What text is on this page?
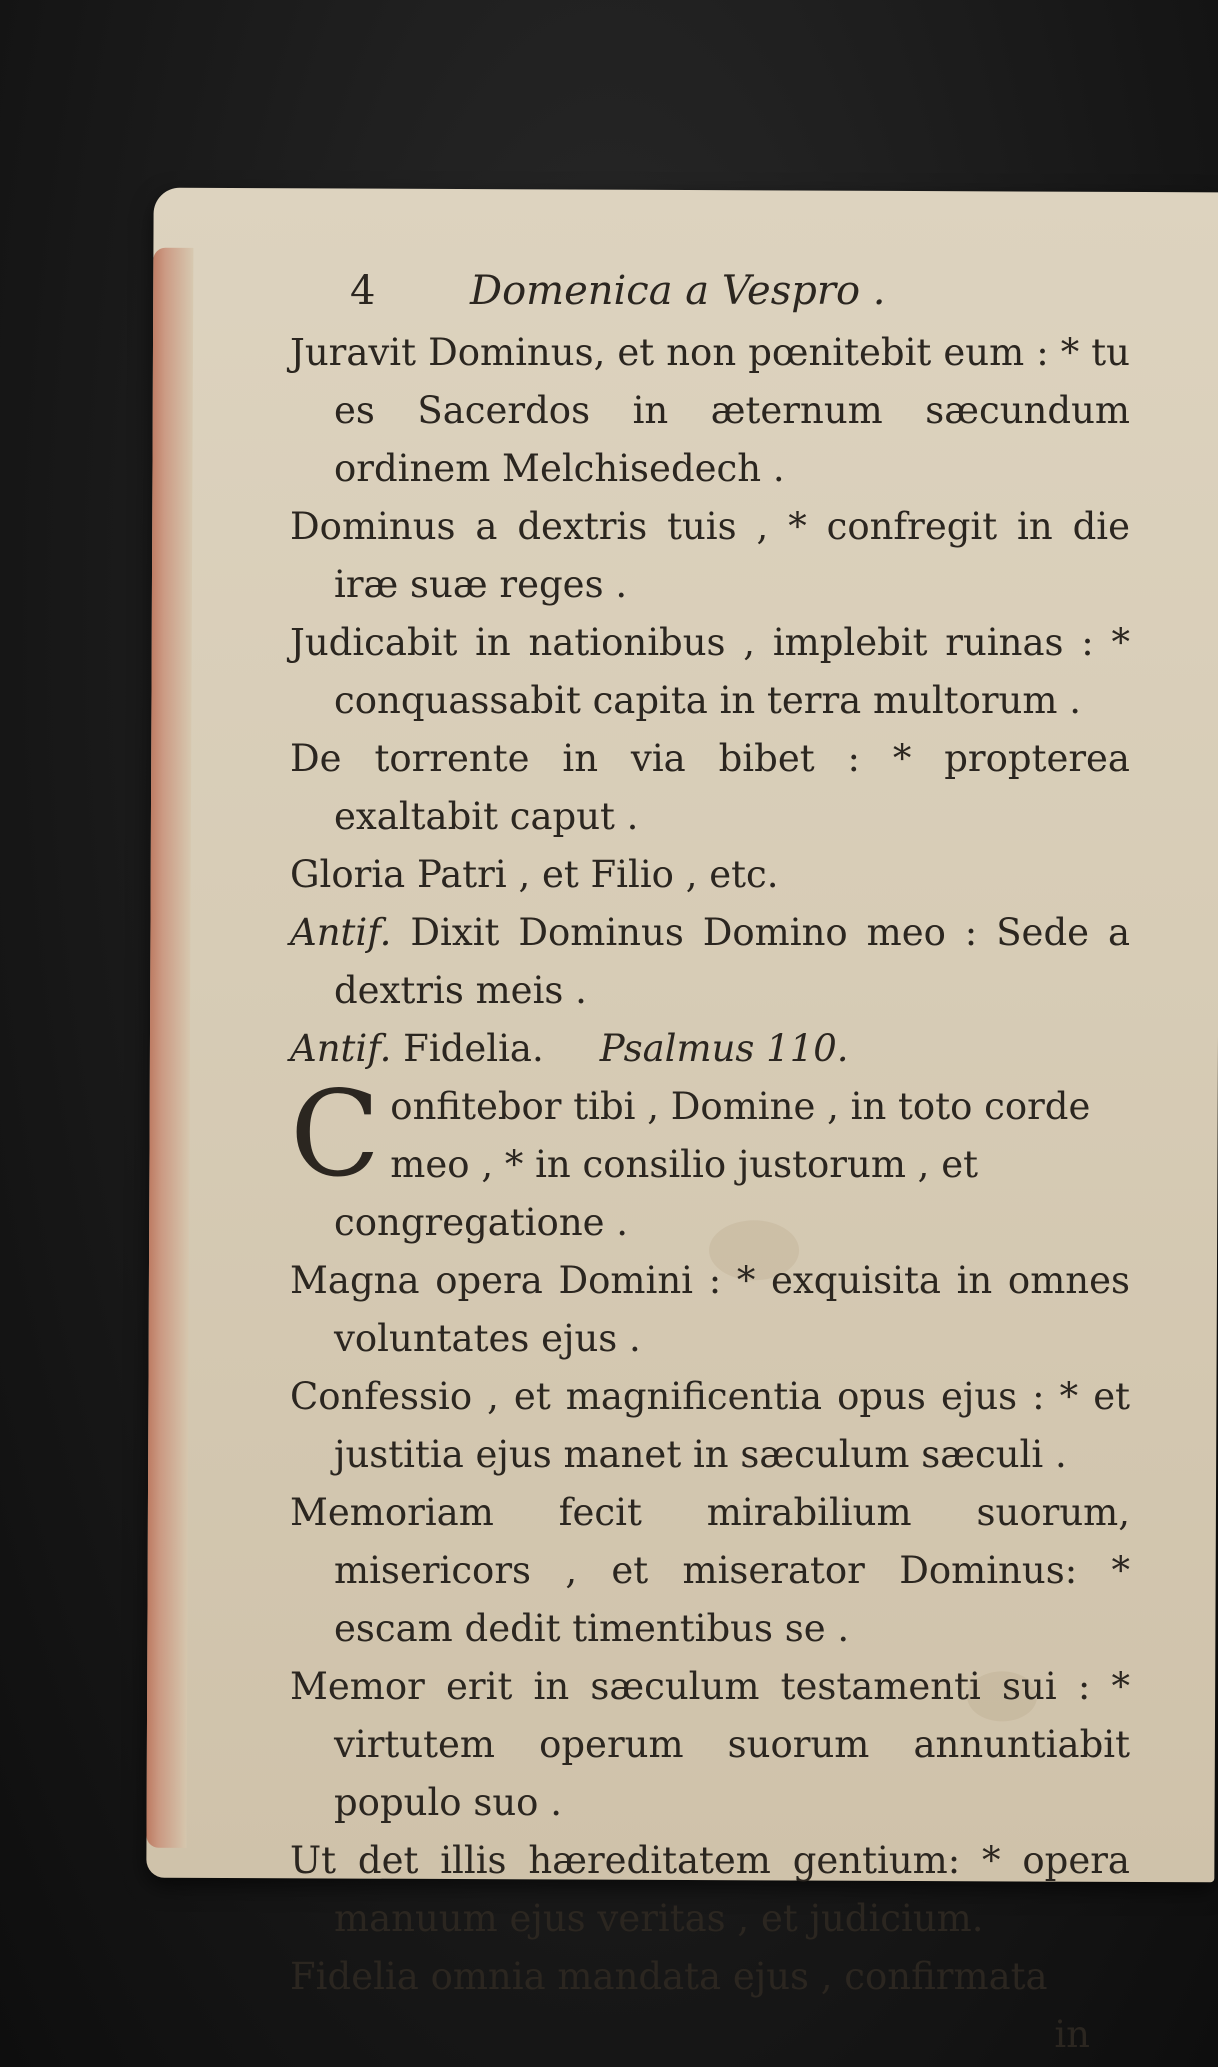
4	Domenica a Vespro .
Juravit Dominus, et non pœnitebit eum : * tu es Sacerdos in æternum sæcundum ordinem Melchisedech .
Dominus a dextris tuis , * confregit in die iræ suæ reges .
Judicabit in nationibus , implebit ruinas : * conquassabit capita in terra multorum .
De torrente in via bibet : * propterea exaltabit caput .
Gloria Patri , et Filio , etc.
Antif. Dixit Dominus Domino meo : Sede a dextris meis .
Antif. Fidelia. Psalmus 110.
C onfitebor tibi , Domine , in toto corde meo , * in consilio justorum , et congregatione .
Magna opera Domini : * exquisita in omnes voluntates ejus .
Confessio , et magnificentia opus ejus : * et justitia ejus manet in sæculum sæculi .
Memoriam fecit mirabilium suorum, misericors , et miserator Dominus: * escam dedit timentibus se .
Memor erit in sæculum testamenti sui : * virtutem operum suorum annuntiabit populo suo .
Ut det illis hæreditatem gentium: * opera manuum ejus veritas , et judicium.
Fidelia omnia mandata ejus , confirmata
in
